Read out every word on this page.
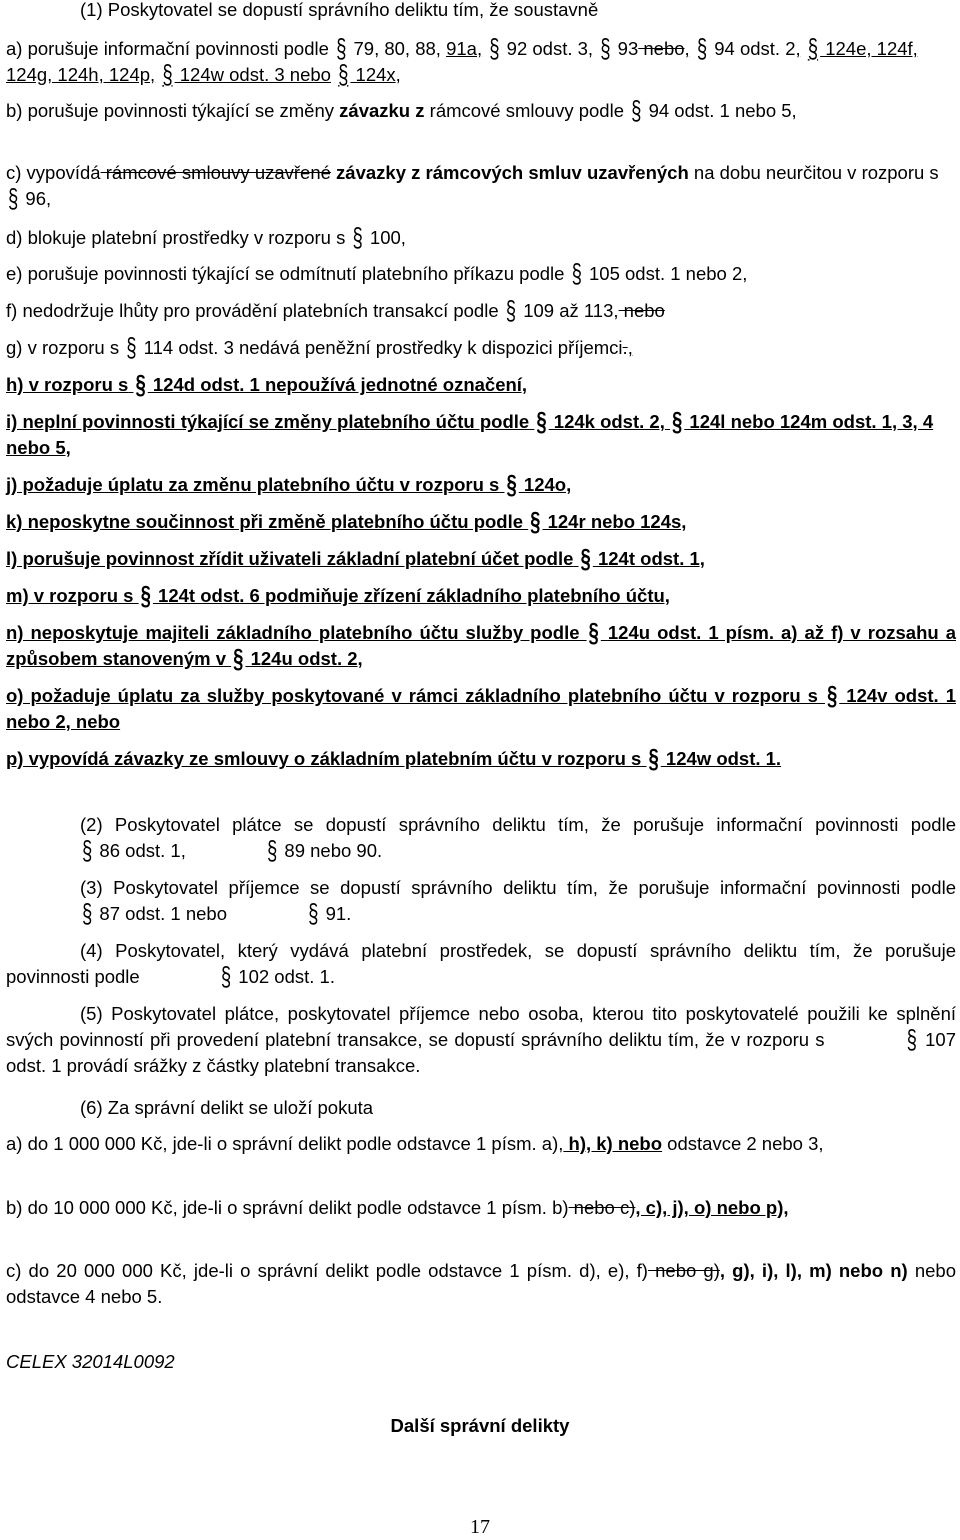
(1) Poskytovatel se dopustí správního deliktu tím, že soustavně

a) porušuje informační povinnosti podle § 79, 80, 88, 91a, § 92 odst. 3, § 93 nebo, § 94 odst. 2, § 124e, 124f, 124g, 124h, 124p, § 124w odst. 3 nebo § 124x,

b) porušuje povinnosti týkající se změny závazku z rámcové smlouvy podle § 94 odst. 1 nebo 5,

c) vypovídá rámcové smlouvy uzavřené závazky z rámcových smluv uzavřených na dobu neurčitou v rozporu s § 96,

d) blokuje platební prostředky v rozporu s § 100,

e) porušuje povinnosti týkající se odmítnutí platebního příkazu podle § 105 odst. 1 nebo 2,

f) nedodržuje lhůty pro provádění platebních transakcí podle § 109 až 113, nebo

g) v rozporu s § 114 odst. 3 nedává peněžní prostředky k dispozici příjemci.,

h) v rozporu s § 124d odst. 1 nepoužívá jednotné označení,

i) neplní povinnosti týkající se změny platebního účtu podle § 124k odst. 2, § 124l nebo 124m odst. 1, 3, 4 nebo 5,

j) požaduje úplatu za změnu platebního účtu v rozporu s § 124o,

k) neposkytne součinnost při změně platebního účtu podle § 124r nebo 124s,

l) porušuje povinnost zřídit uživateli základní platební účet podle § 124t odst. 1,

m) v rozporu s § 124t odst. 6 podmiňuje zřízení základního platebního účtu,

n) neposkytuje majiteli základního platebního účtu služby podle § 124u odst. 1 písm. a) až f) v rozsahu a způsobem stanoveným v § 124u odst. 2,

o) požaduje úplatu za služby poskytované v rámci základního platebního účtu v rozporu s § 124v odst. 1 nebo 2, nebo

p) vypovídá závazky ze smlouvy o základním platebním účtu v rozporu s § 124w odst. 1.

(2) Poskytovatel plátce se dopustí správního deliktu tím, že porušuje informační povinnosti podle § 86 odst. 1,	§ 89 nebo 90.

(3) Poskytovatel příjemce se dopustí správního deliktu tím, že porušuje informační povinnosti podle § 87 odst. 1 nebo	§ 91.

(4) Poskytovatel, který vydává platební prostředek, se dopustí správního deliktu tím, že porušuje povinnosti podle	§ 102 odst. 1.

(5) Poskytovatel plátce, poskytovatel příjemce nebo osoba, kterou tito poskytovatelé použili ke splnění svých povinností při provedení platební transakce, se dopustí správního deliktu tím, že v rozporu s	§ 107 odst. 1 provádí srážky z částky platební transakce.

(6) Za správní delikt se uloží pokuta

a) do 1 000 000 Kč, jde-li o správní delikt podle odstavce 1 písm. a), h), k) nebo odstavce 2 nebo 3,

b) do 10 000 000 Kč, jde-li o správní delikt podle odstavce 1 písm. b) nebo c), c), j), o) nebo p),

c) do 20 000 000 Kč, jde-li o správní delikt podle odstavce 1 písm. d), e), f) nebo g), g), i), l), m) nebo n) nebo odstavce 4 nebo 5.

CELEX 32014L0092
Další správní delikty
17
